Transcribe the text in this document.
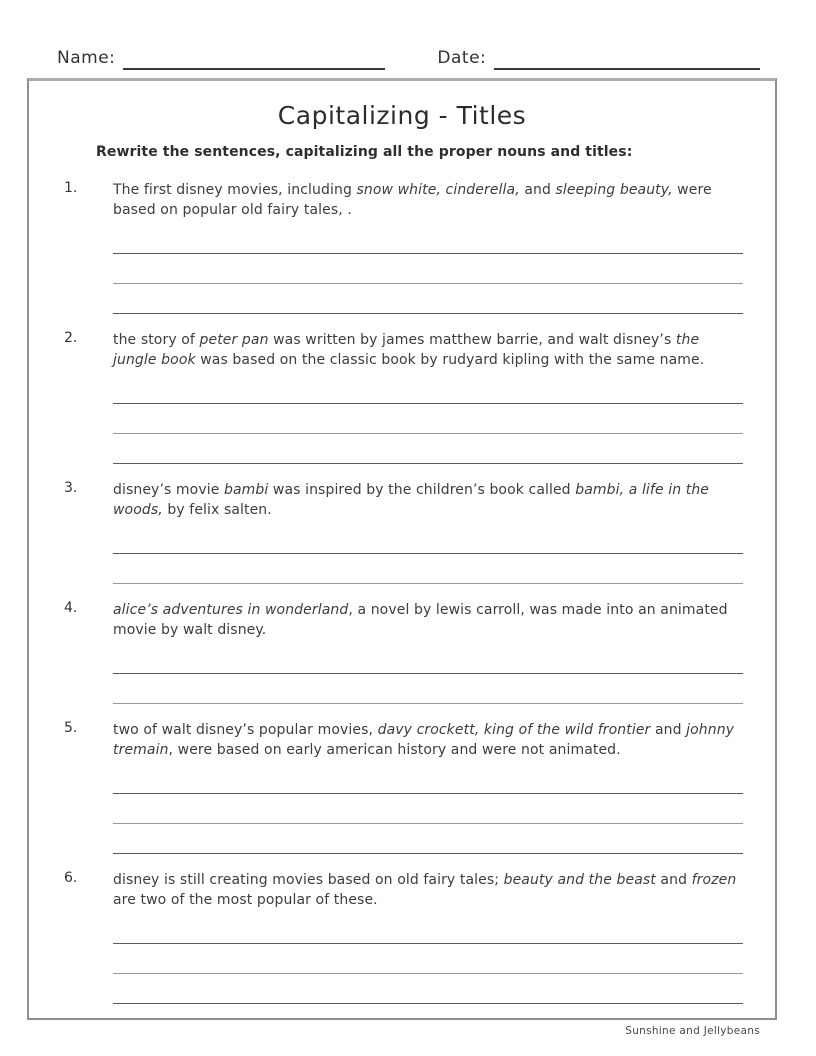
Name:	Date:
Capitalizing - Titles
Rewrite the sentences, capitalizing all the proper nouns and titles:
1.	The first disney movies, including snow white, cinderella, and sleeping beauty, were based on popular old fairy tales, .
2.	the story of peter pan was written by james matthew barrie, and walt disney’s the jungle book was based on the classic book by rudyard kipling with the same name.
3.	disney’s movie bambi was inspired by the children’s book called bambi, a life in the woods, by felix salten.
4.	alice’s adventures in wonderland, a novel by lewis carroll, was made into an animated movie by walt disney.
5.	two of walt disney’s popular movies, davy crockett, king of the wild frontier and johnny tremain, were based on early american history and were not animated.
6.	disney is still creating movies based on old fairy tales; beauty and the beast and frozen are two of the most popular of these.
Sunshine and Jellybeans
